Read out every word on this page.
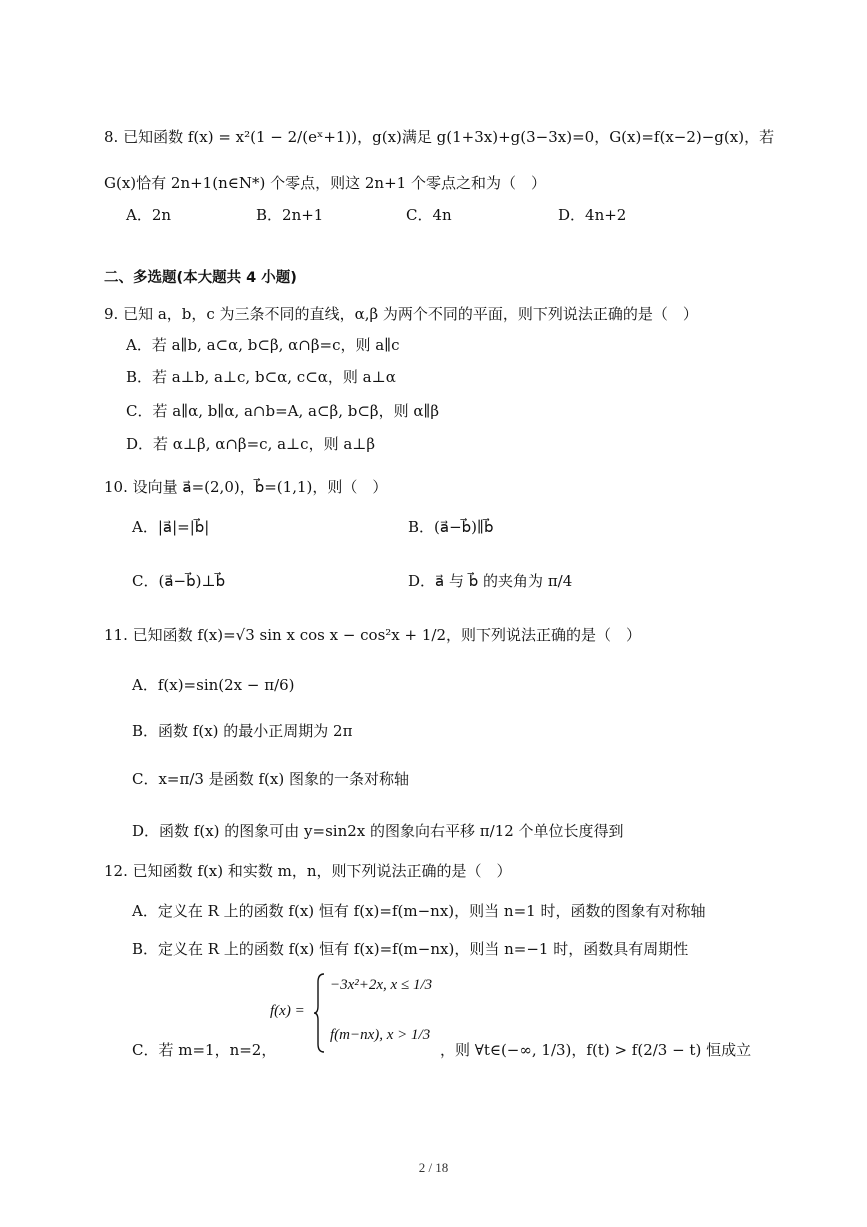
8. 已知函数 f(x) = x²(1 − 2/(eˣ+1))，g(x)满足 g(1+3x)+g(3−3x)=0，G(x)=f(x−2)−g(x)，若
G(x)恰有 2n+1(n∈N*) 个零点，则这 2n+1 个零点之和为（　）
A．2n	B．2n+1	C．4n	D．4n+2
二、多选题(本大题共 4 小题)
9. 已知 a，b，c 为三条不同的直线，α,β 为两个不同的平面，则下列说法正确的是（　）
A．若 a∥b, a⊂α, b⊂β, α∩β=c，则 a∥c
B．若 a⊥b, a⊥c, b⊂α, c⊂α，则 a⊥α
C．若 a∥α, b∥α, a∩b=A, a⊂β, b⊂β，则 α∥β
D．若 α⊥β, α∩β=c, a⊥c，则 a⊥β
10. 设向量 a⃗=(2,0)，b⃗=(1,1)，则（　）
A．|a⃗|=|b⃗|	B．(a⃗−b⃗)∥b⃗
C．(a⃗−b⃗)⊥b⃗	D．a⃗ 与 b⃗ 的夹角为 π/4
11. 已知函数 f(x)=√3 sin x cos x − cos²x + 1/2，则下列说法正确的是（　）
A．f(x)=sin(2x − π/6)
B．函数 f(x) 的最小正周期为 2π
C．x=π/3 是函数 f(x) 图象的一条对称轴
D．函数 f(x) 的图象可由 y=sin2x 的图象向右平移 π/12 个单位长度得到
12. 已知函数 f(x) 和实数 m，n，则下列说法正确的是（　）
A．定义在 R 上的函数 f(x) 恒有 f(x)=f(m−nx)，则当 n=1 时，函数的图象有对称轴
B．定义在 R 上的函数 f(x) 恒有 f(x)=f(m−nx)，则当 n=−1 时，函数具有周期性
C．若 m=1，n=2，
f(x) =
−3x²+2x, x ≤ 1/3
f(m−nx), x > 1/3
，则 ∀t∈(−∞, 1/3)，f(t) > f(2/3 − t) 恒成立
2 / 18
